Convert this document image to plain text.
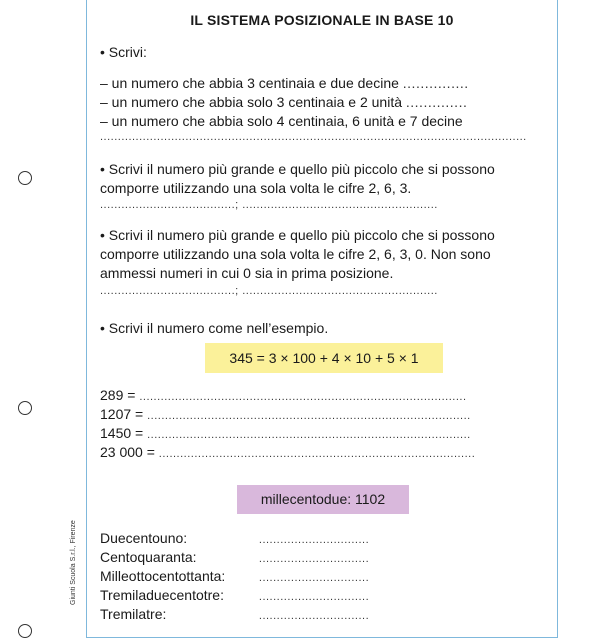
Giunti Scuola S.r.l., Firenze
IL SISTEMA POSIZIONALE IN BASE 10
• Scrivi:
– un numero che abbia 3 centinaia e due decine ...............
– un numero che abbia solo 3 centinaia e 2 unità ..............
– un numero che abbia solo 4 centinaia, 6 unità e 7 decine
........................................................................................................................
• Scrivi il numero più grande e quello più piccolo che si possono comporre utilizzando una sola volta le cifre 2, 6, 3.
......................................; .......................................................
• Scrivi il numero più grande e quello più piccolo che si possono comporre utilizzando una sola volta le cifre 2, 6, 3, 0. Non sono ammessi numeri in cui 0 sia in prima posizione.
......................................; .......................................................
• Scrivi il numero come nell’esempio.
345 = 3 × 100 + 4 × 10 + 5 × 1
289 = ............................................................................................
1207 = ...........................................................................................
1450 = ...........................................................................................
23 000 = .........................................................................................
millecentodue: 1102
Duecentouno:	...............................
Centoquaranta:	...............................
Milleottocentottanta:	...............................
Tremiladuecentotre:	...............................
Tremilatre:	...............................
